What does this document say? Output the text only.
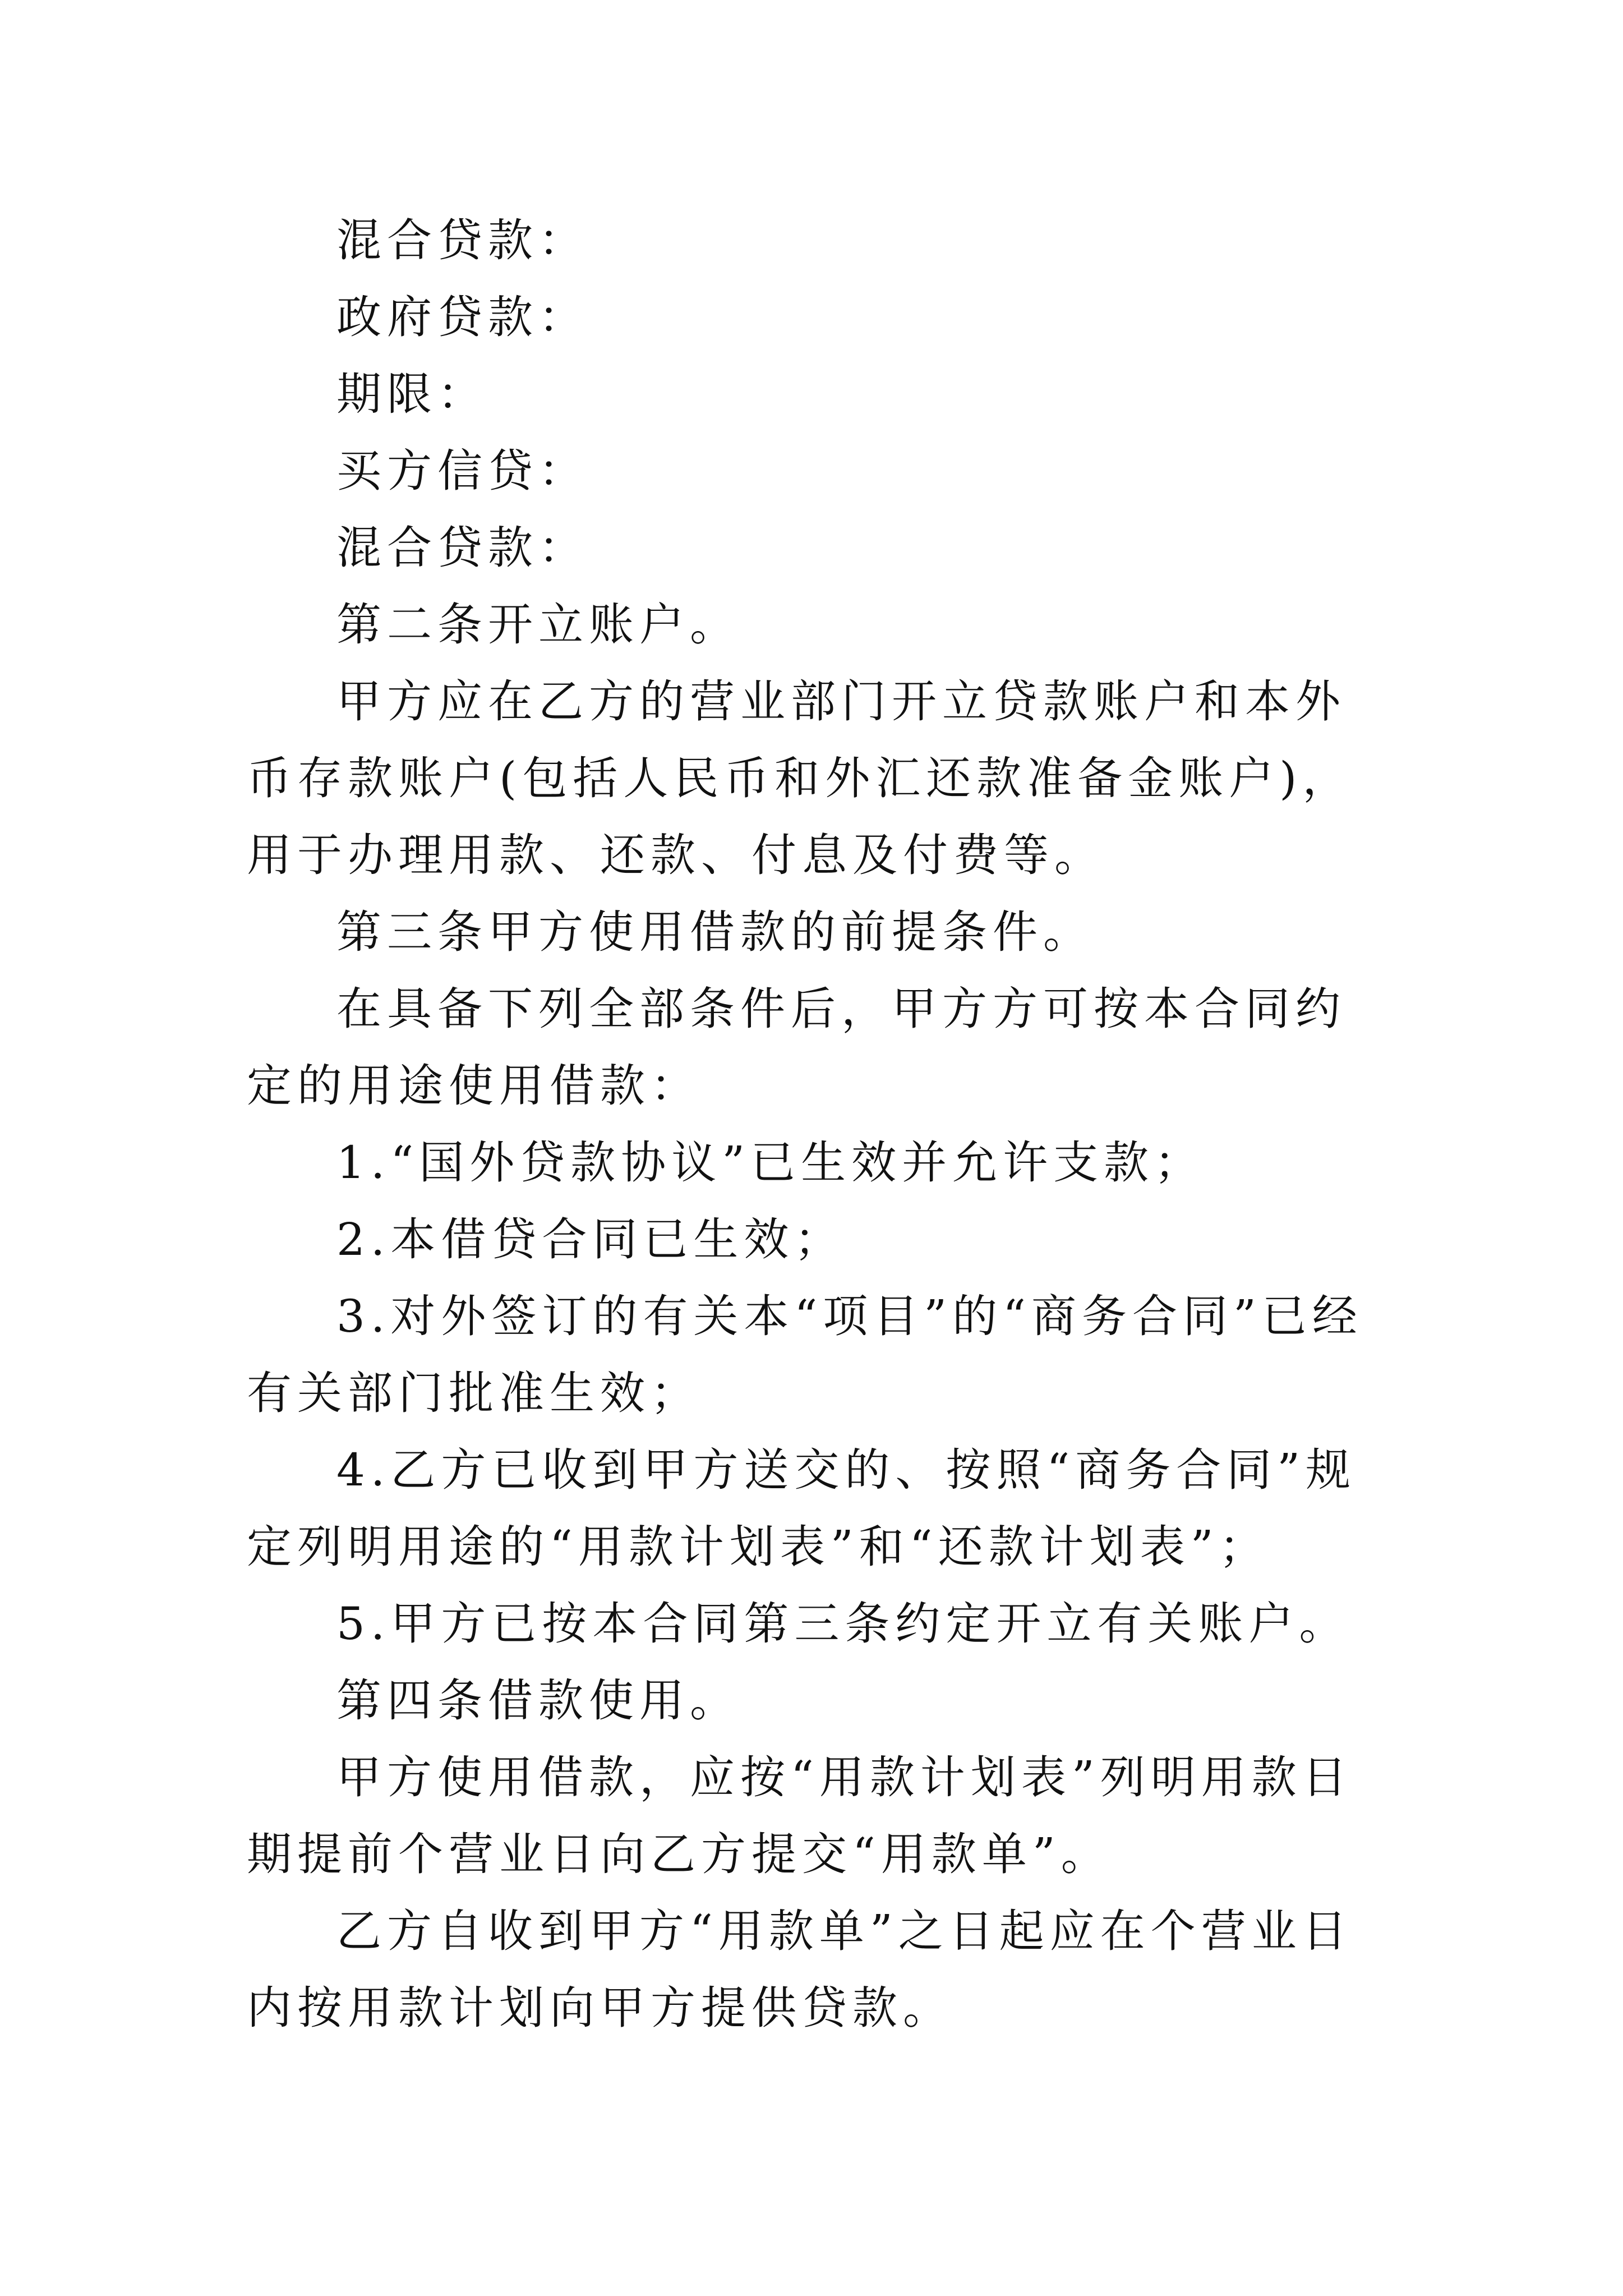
混合贷款：

政府贷款：

期限：

买方信贷：

混合贷款：

第二条开立账户。

甲方应在乙方的营业部门开立贷款账户和本外币存款账户(包括人民币和外汇还款准备金账户)，用于办理用款、还款、付息及付费等。

第三条甲方使用借款的前提条件。

在具备下列全部条件后，甲方方可按本合同约定的用途使用借款：

1.“国外贷款协议”已生效并允许支款；

2.本借贷合同已生效；

3.对外签订的有关本“项目”的“商务合同”已经有关部门批准生效；

4.乙方已收到甲方送交的、按照“商务合同”规定列明用途的“用款计划表”和“还款计划表”；

5.甲方已按本合同第三条约定开立有关账户。

第四条借款使用。

甲方使用借款，应按“用款计划表”列明用款日期提前个营业日向乙方提交“用款单”。

乙方自收到甲方“用款单”之日起应在个营业日内按用款计划向甲方提供贷款。
